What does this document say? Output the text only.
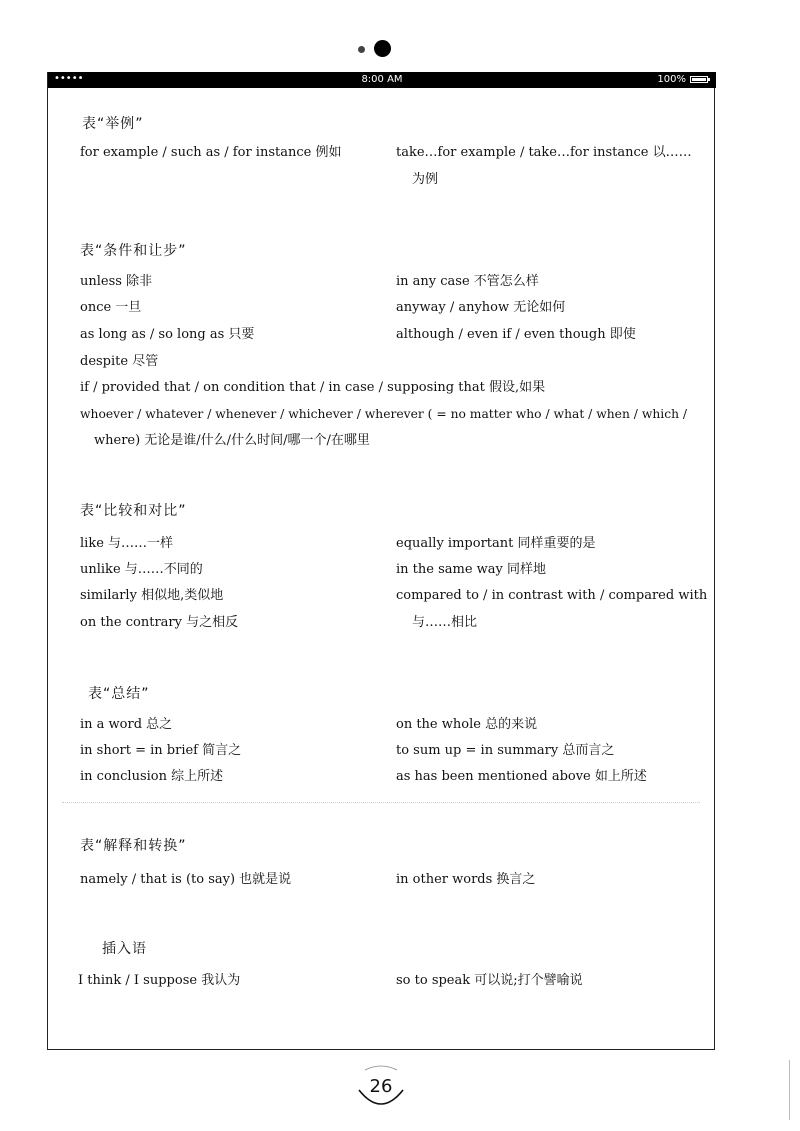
•••••	8:00 AM	100%
表“举例”
for example / such as / for instance 例如	take…for example / take…for instance 以……
为例
表“条件和让步”
unless 除非	in any case 不管怎么样
once 一旦	anyway / anyhow 无论如何
as long as / so long as 只要	although / even if / even though 即使
despite 尽管
if / provided that / on condition that / in case / supposing that 假设,如果
whoever / whatever / whenever / whichever / wherever ( = no matter who / what / when / which /
where) 无论是谁/什么/什么时间/哪一个/在哪里
表“比较和对比”
like 与……一样	equally important 同样重要的是
unlike 与……不同的	in the same way 同样地
similarly 相似地,类似地	compared to / in contrast with / compared with
on the contrary 与之相反	与……相比
表“总结”
in a word 总之	on the whole 总的来说
in short = in brief 简言之	to sum up = in summary 总而言之
in conclusion 综上所述	as has been mentioned above 如上所述
表“解释和转换”
namely / that is (to say) 也就是说	in other words 换言之
插入语
I think / I suppose 我认为	so to speak 可以说;打个譬喻说
26
